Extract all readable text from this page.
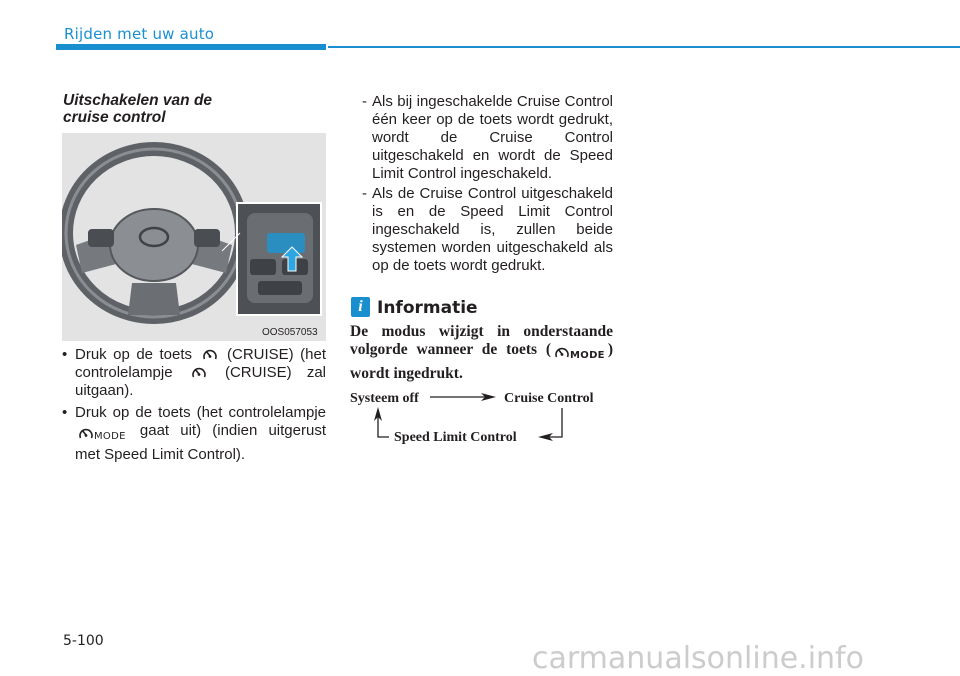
Rijden met uw auto
Uitschakelen van de
cruise control
OOS057053
• Druk op de toets (CRUISE) (het controlelampje	(CRUISE) zal uitgaan).
• Druk op de toets (het controlelampje MODE gaat uit) (indien uitgerust met Speed Limit Control).
- Als bij ingeschakelde Cruise Control één keer op de toets wordt gedrukt, wordt de Cruise Control uitgeschakeld en wordt de Speed Limit Control ingeschakeld.
- Als de Cruise Control uitgeschakeld is en de Speed Limit Control ingeschakeld is, zullen beide systemen worden uitgeschakeld als op de toets wordt gedrukt.
i Informatie
De modus wijzigt in onderstaande volgorde wanneer de toets ( MODE ) wordt ingedrukt.
Systeem off	Cruise Control
Speed Limit Control
5-100	carmanualsonline.info
